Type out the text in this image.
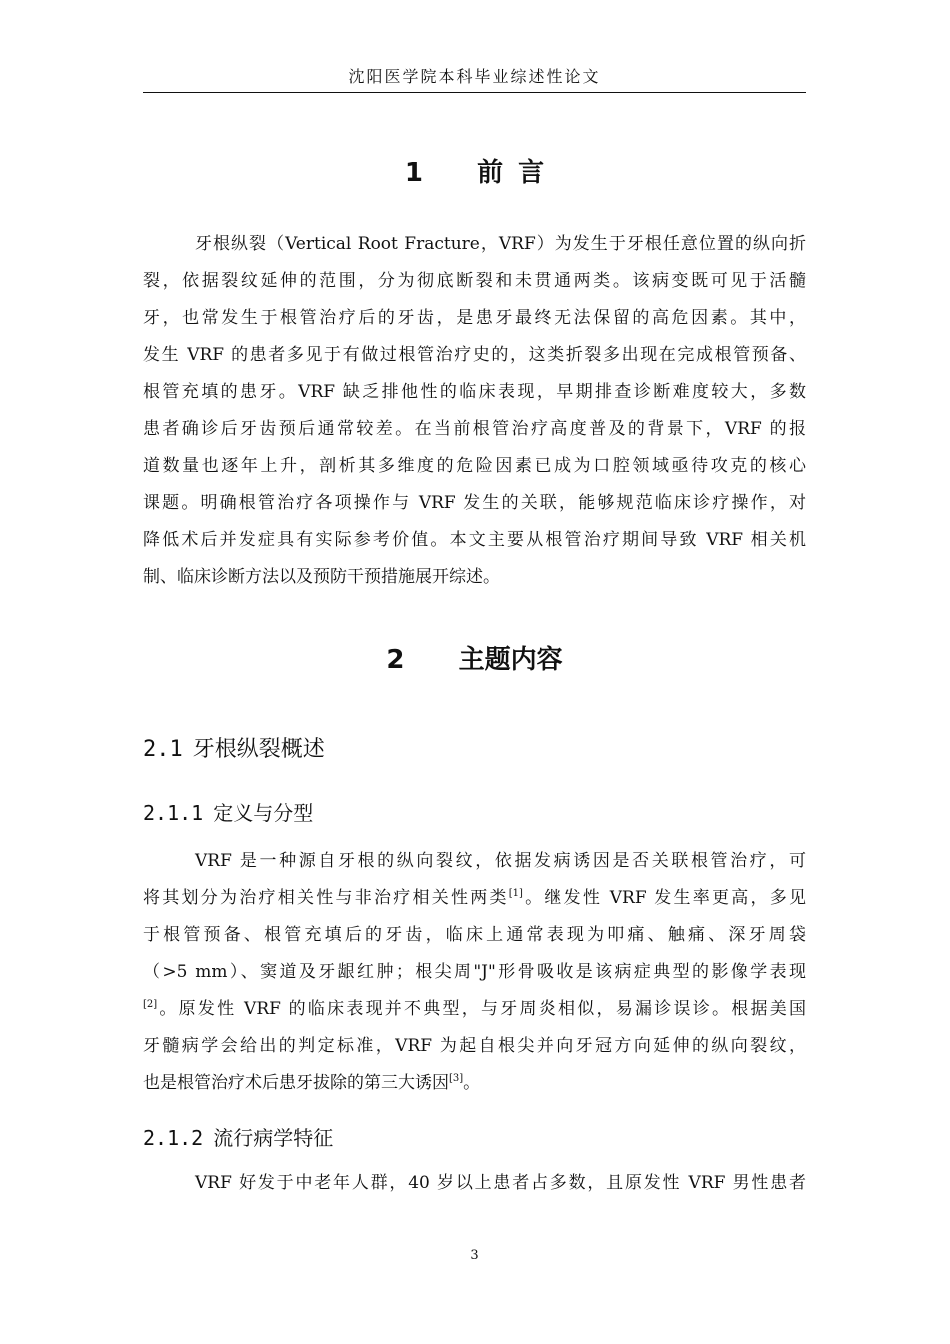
沈阳医学院本科毕业综述性论文
1 前 言
牙根纵裂（Vertical Root Fracture，VRF）为发生于牙根任意位置的纵向折
裂，依据裂纹延伸的范围，分为彻底断裂和未贯通两类。该病变既可见于活髓
牙，也常发生于根管治疗后的牙齿，是患牙最终无法保留的高危因素。其中，
发生 VRF 的患者多见于有做过根管治疗史的，这类折裂多出现在完成根管预备、
根管充填的患牙。VRF 缺乏排他性的临床表现，早期排查诊断难度较大，多数
患者确诊后牙齿预后通常较差。在当前根管治疗高度普及的背景下，VRF 的报
道数量也逐年上升，剖析其多维度的危险因素已成为口腔领域亟待攻克的核心
课题。明确根管治疗各项操作与 VRF 发生的关联，能够规范临床诊疗操作，对
降低术后并发症具有实际参考价值。本文主要从根管治疗期间导致 VRF 相关机
制、临床诊断方法以及预防干预措施展开综述。
2 主题内容
2.1 牙根纵裂概述
2.1.1 定义与分型
VRF 是一种源自牙根的纵向裂纹，依据发病诱因是否关联根管治疗，可
将其划分为治疗相关性与非治疗相关性两类[1]。继发性 VRF 发生率更高，多见
于根管预备、根管充填后的牙齿，临床上通常表现为叩痛、触痛、深牙周袋
（>5 mm）、窦道及牙龈红肿；根尖周"J"形骨吸收是该病症典型的影像学表现
[2]。原发性 VRF 的临床表现并不典型，与牙周炎相似，易漏诊误诊。根据美国
牙髓病学会给出的判定标准，VRF 为起自根尖并向牙冠方向延伸的纵向裂纹，
也是根管治疗术后患牙拔除的第三大诱因[3]。
2.1.2 流行病学特征
VRF 好发于中老年人群，40 岁以上患者占多数，且原发性 VRF 男性患者
3
